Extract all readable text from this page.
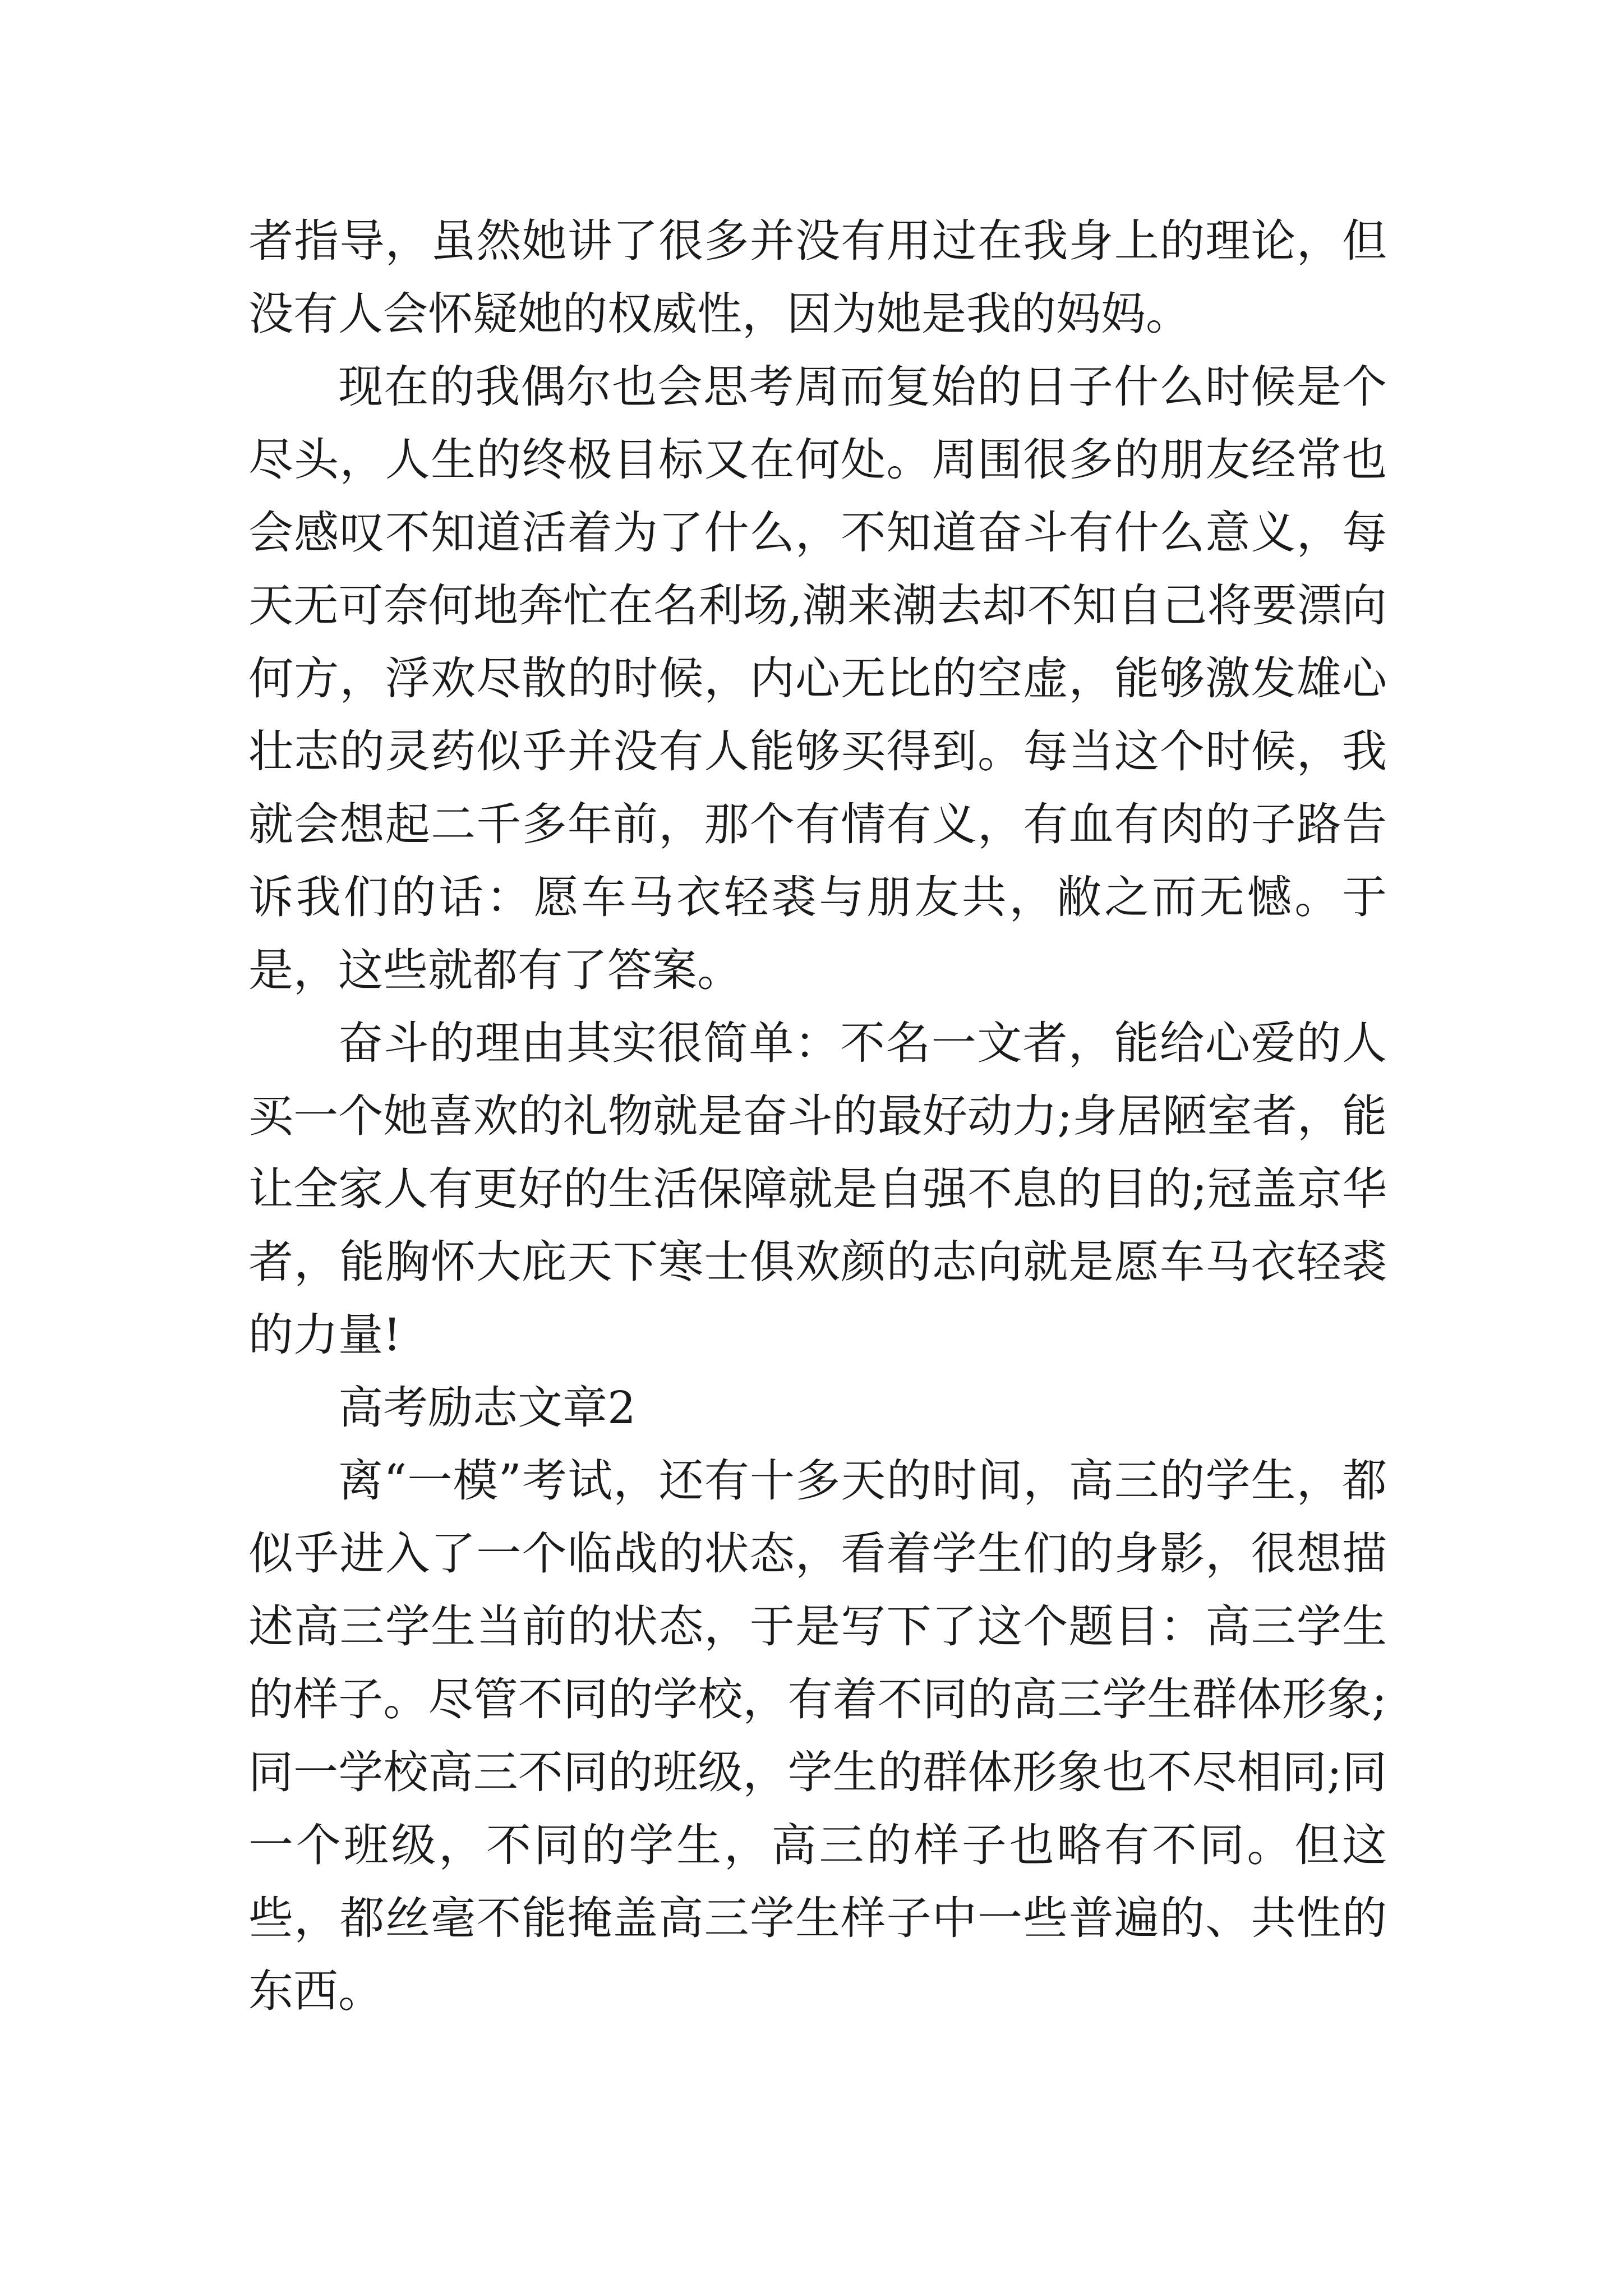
者指导，虽然她讲了很多并没有用过在我身上的理论，但没有人会怀疑她的权威性，因为她是我的妈妈。

现在的我偶尔也会思考周而复始的日子什么时候是个尽头，人生的终极目标又在何处。周围很多的朋友经常也会感叹不知道活着为了什么，不知道奋斗有什么意义，每天无可奈何地奔忙在名利场,潮来潮去却不知自己将要漂向何方，浮欢尽散的时候，内心无比的空虚，能够激发雄心壮志的灵药似乎并没有人能够买得到。每当这个时候，我就会想起二千多年前，那个有情有义，有血有肉的子路告诉我们的话：愿车马衣轻裘与朋友共，敝之而无憾。于是，这些就都有了答案。

奋斗的理由其实很简单：不名一文者，能给心爱的人买一个她喜欢的礼物就是奋斗的最好动力;身居陋室者，能让全家人有更好的生活保障就是自强不息的目的;冠盖京华者，能胸怀大庇天下寒士俱欢颜的志向就是愿车马衣轻裘的力量!

高考励志文章2

离“一模”考试，还有十多天的时间，高三的学生，都似乎进入了一个临战的状态，看着学生们的身影，很想描述高三学生当前的状态，于是写下了这个题目：高三学生的样子。尽管不同的学校，有着不同的高三学生群体形象;同一学校高三不同的班级，学生的群体形象也不尽相同;同一个班级，不同的学生，高三的样子也略有不同。但这些，都丝毫不能掩盖高三学生样子中一些普遍的、共性的东西。
